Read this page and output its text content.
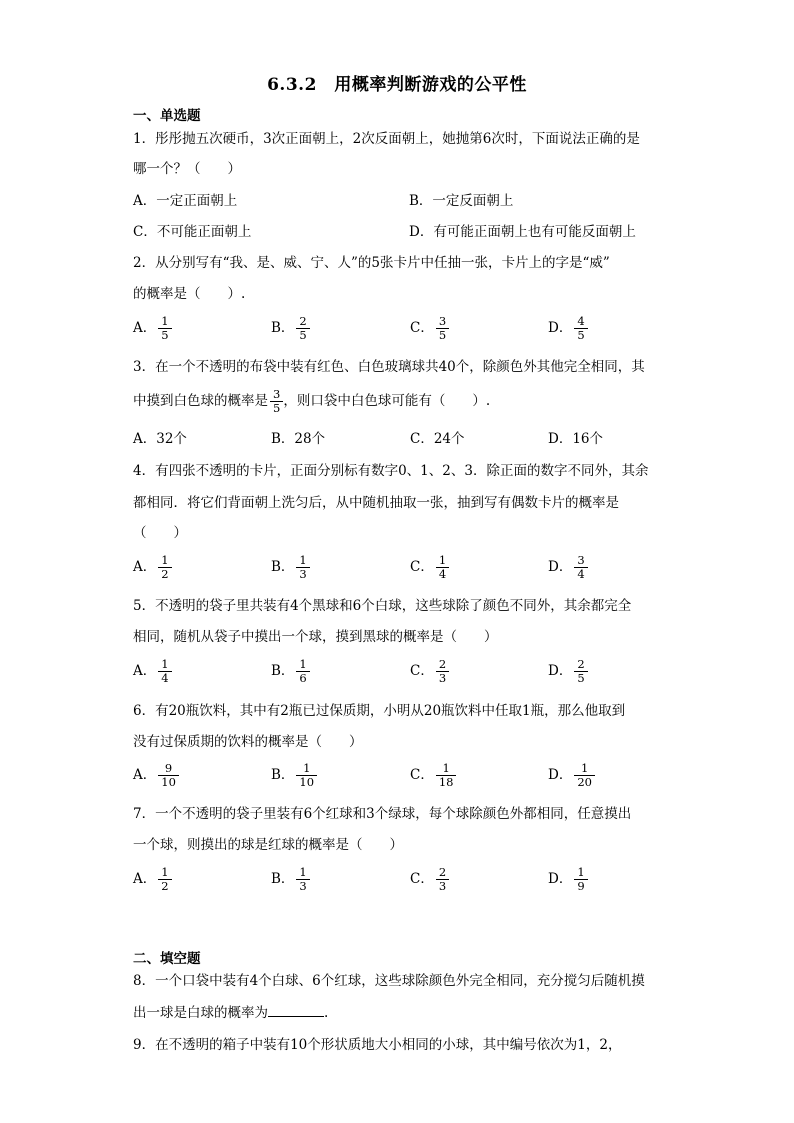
6.3.2　用概率判断游戏的公平性
一、单选题
1．彤彤抛五次硬币，3次正面朝上，2次反面朝上，她抛第6次时，下面说法正确的是
哪一个？（　　）
A．一定正面朝上	B．一定反面朝上
C．不可能正面朝上	D．有可能正面朝上也有可能反面朝上
2．从分别写有“我、是、威、宁、人”的5张卡片中任抽一张，卡片上的字是“威”
的概率是（　　）.
A． $\frac{1}{5}$	B． $\frac{2}{5}$	C． $\frac{3}{5}$	D． $\frac{4}{5}$
3．在一个不透明的布袋中装有红色、白色玻璃球共40个，除颜色外其他完全相同，其
中摸到白色球的概率是 $\frac{3}{5}$ ，则口袋中白色球可能有（　　）.
A．32个	B．28个	C．24个	D．16个
4．有四张不透明的卡片，正面分别标有数字0、1、2、3．除正面的数字不同外，其余
都相同．将它们背面朝上洗匀后，从中随机抽取一张，抽到写有偶数卡片的概率是
（　　）
A． $\frac{1}{2}$	B． $\frac{1}{3}$	C． $\frac{1}{4}$	D． $\frac{3}{4}$
5．不透明的袋子里共装有4个黑球和6个白球，这些球除了颜色不同外，其余都完全
相同，随机从袋子中摸出一个球，摸到黑球的概率是（　　）
A． $\frac{1}{4}$	B． $\frac{1}{6}$	C． $\frac{2}{3}$	D． $\frac{2}{5}$
6．有20瓶饮料，其中有2瓶已过保质期，小明从20瓶饮料中任取1瓶，那么他取到
没有过保质期的饮料的概率是（　　）
A． $\frac{9}{10}$	B． $\frac{1}{10}$	C． $\frac{1}{18}$	D． $\frac{1}{20}$
7．一个不透明的袋子里装有6个红球和3个绿球，每个球除颜色外都相同，任意摸出
一个球，则摸出的球是红球的概率是（　　）
A． $\frac{1}{2}$	B． $\frac{1}{3}$	C． $\frac{2}{3}$	D． $\frac{1}{9}$
二、填空题
8．一个口袋中装有4个白球、6个红球，这些球除颜色外完全相同，充分搅匀后随机摸
出一球是白球的概率为	.
9．在不透明的箱子中装有10个形状质地大小相同的小球，其中编号依次为1，2，
